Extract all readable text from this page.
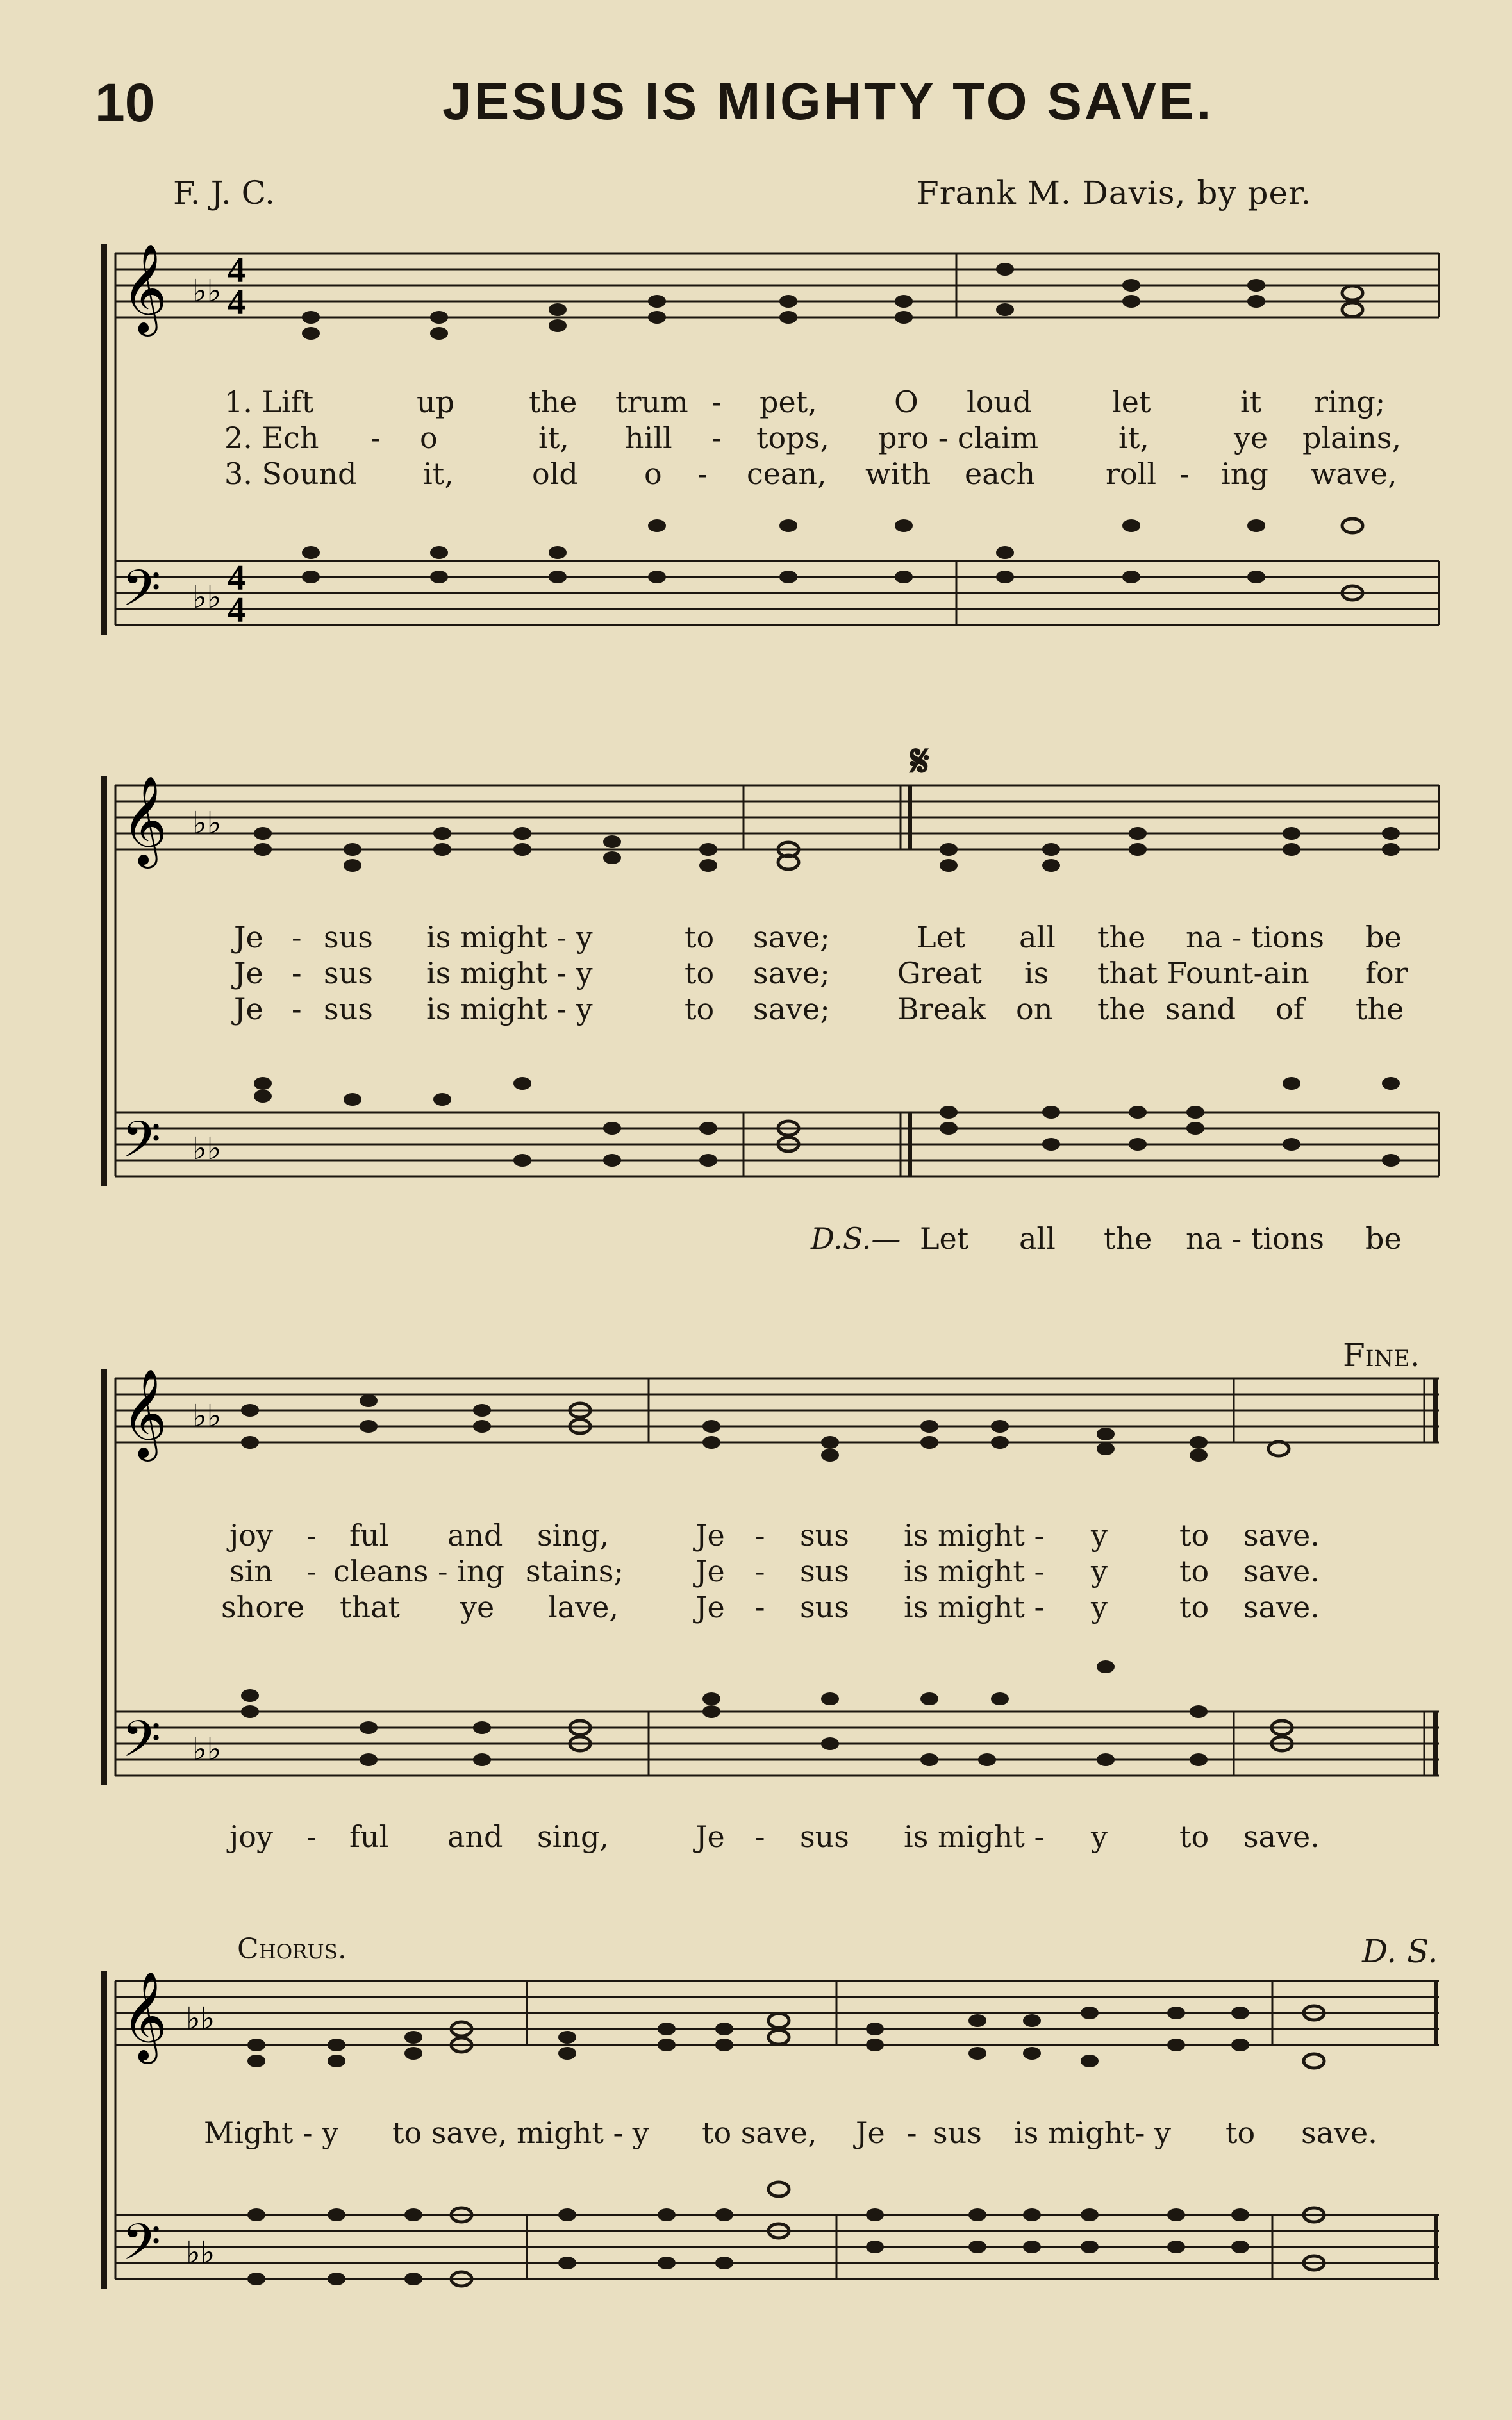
10	JESUS IS MIGHTY TO SAVE.
F. J. C.	Frank M. Davis, by per.
𝄞
𝄢
♭♭
♭♭
4
4
4
4
1. Lift	up	the trum - pet,	O loud	let	it ring;
2. Ech - o	it, hill - tops, pro - claim	it,	ye plains,
3. Sound it,	old o - cean, with each roll - ing wave,
𝄋
𝄞
𝄢
♭♭
♭♭
Je - sus is might - y	to save;	Let all the na - tions be
Je - sus is might - y	to save; Great is that Fount-ain for
Je - sus is might - y	to save; Break on the sand of the
D.S.— Let all the na - tions be
Fine.
𝄞
𝄢
♭♭
♭♭
joy - ful and sing,	Je - sus is might - y to save.
sin - cleans - ing stains; Je - sus is might - y to save.
shore that ye lave,	Je - sus is might - y to save.
joy - ful and sing,	Je - sus is might - y to save.
Chorus.	D. S.
𝄞
𝄢
♭♭
♭♭
Might - y to save, might - y to save, Je - sus is might- y to save.
